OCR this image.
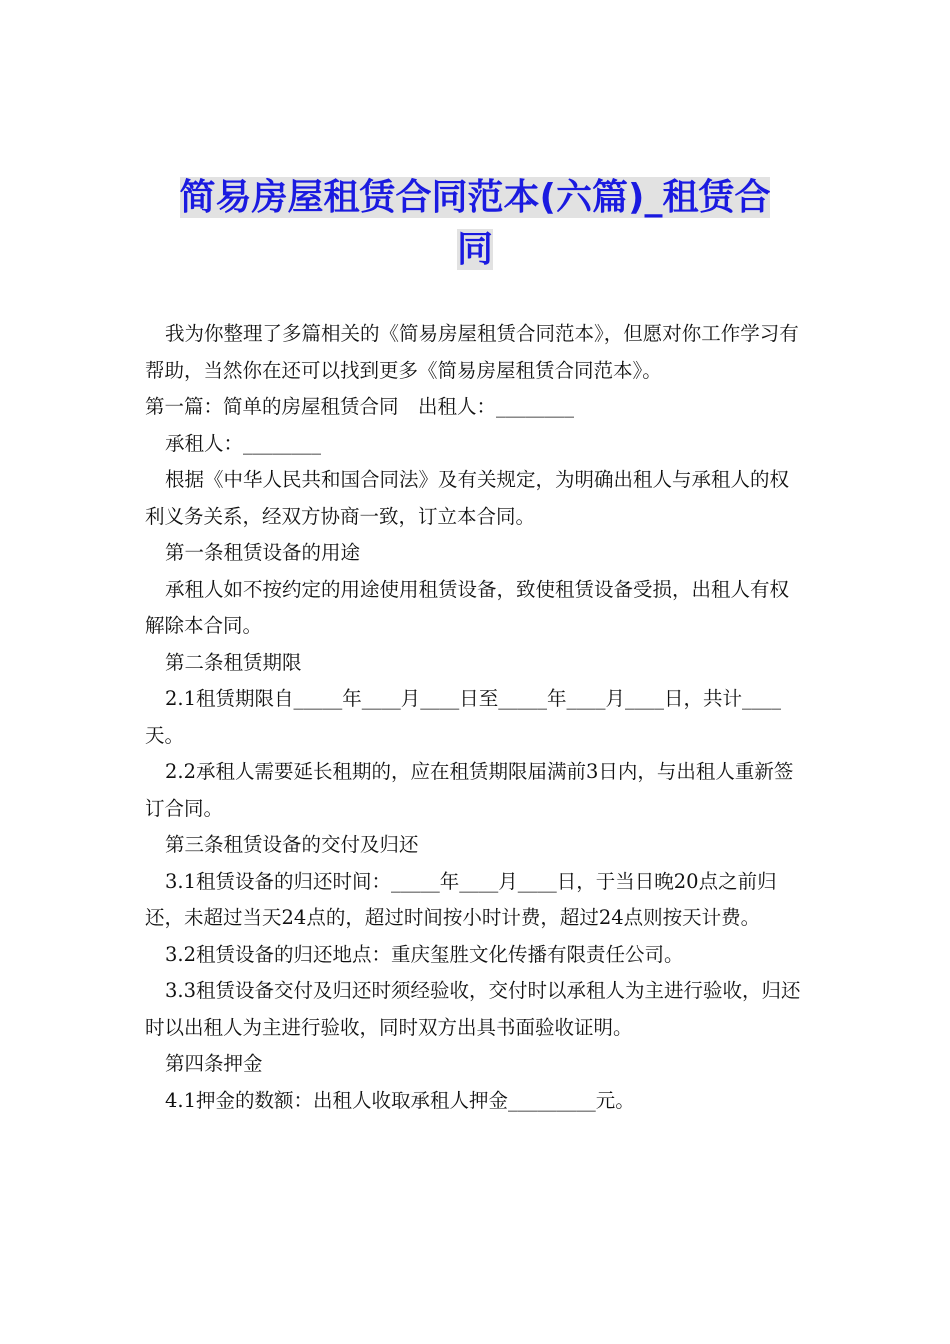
简易房屋租赁合同范本(六篇)_租赁合
同

我为你整理了多篇相关的《简易房屋租赁合同范本》，但愿对你工作学习有帮助，当然你在还可以找到更多《简易房屋租赁合同范本》。

第一篇：简单的房屋租赁合同　出租人：________

承租人：________

根据《中华人民共和国合同法》及有关规定，为明确出租人与承租人的权利义务关系，经双方协商一致，订立本合同。

第一条租赁设备的用途

承租人如不按约定的用途使用租赁设备，致使租赁设备受损，出租人有权解除本合同。

第二条租赁期限

2.1租赁期限自_____年____月____日至_____年____月____日，共计____天。

2.2承租人需要延长租期的，应在租赁期限届满前3日内，与出租人重新签订合同。

第三条租赁设备的交付及归还

3.1租赁设备的归还时间：_____年____月____日，于当日晚20点之前归还，未超过当天24点的，超过时间按小时计费，超过24点则按天计费。

3.2租赁设备的归还地点：重庆玺胜文化传播有限责任公司。

3.3租赁设备交付及归还时须经验收，交付时以承租人为主进行验收，归还时以出租人为主进行验收，同时双方出具书面验收证明。

第四条押金

4.1押金的数额：出租人收取承租人押金_________元。
